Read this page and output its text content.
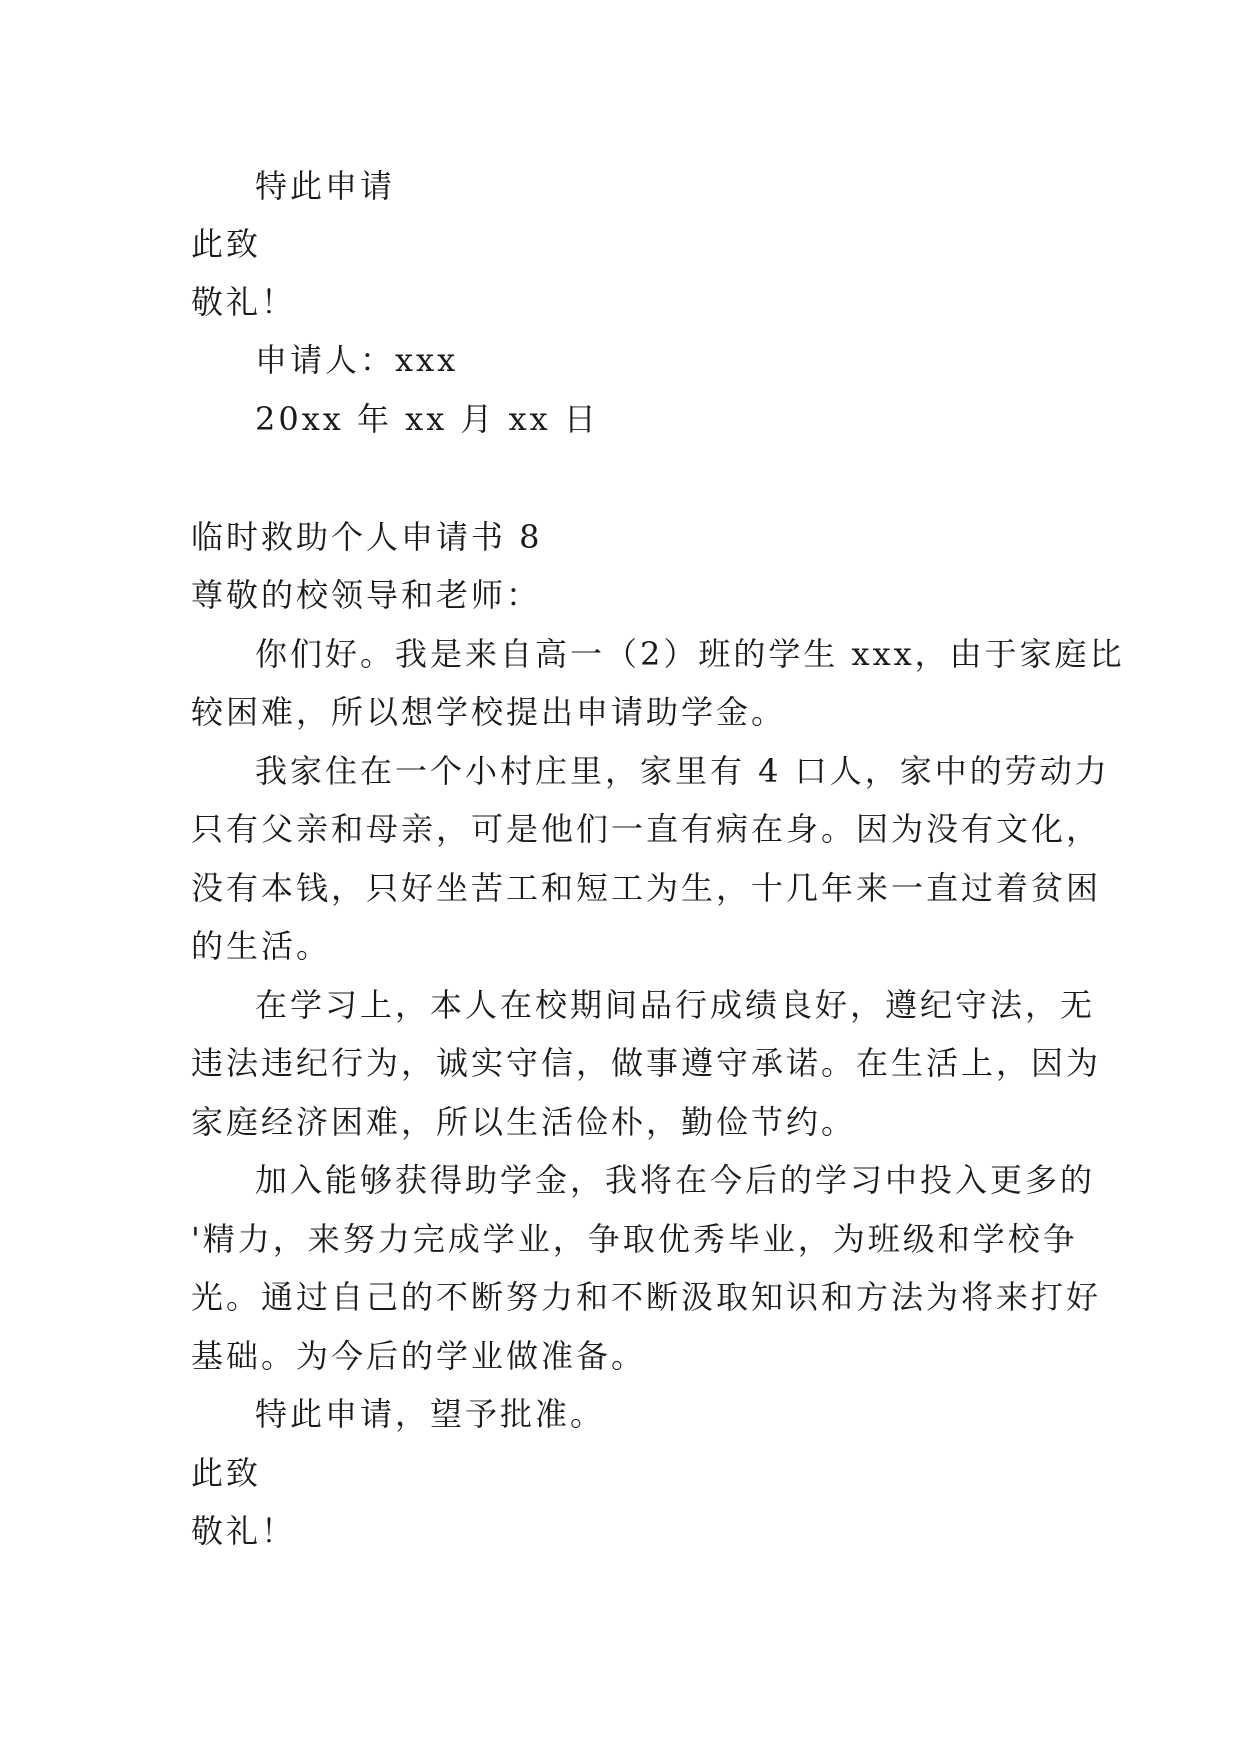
特此申请
此致
敬礼！
申请人：xxx
20xx 年 xx 月 xx 日
临时救助个人申请书 8
尊敬的校领导和老师：
你们好。我是来自高一（2）班的学生 xxx，由于家庭比
较困难，所以想学校提出申请助学金。
我家住在一个小村庄里，家里有 4 口人，家中的劳动力
只有父亲和母亲，可是他们一直有病在身。因为没有文化，
没有本钱，只好坐苦工和短工为生，十几年来一直过着贫困
的生活。
在学习上，本人在校期间品行成绩良好，遵纪守法，无
违法违纪行为，诚实守信，做事遵守承诺。在生活上，因为
家庭经济困难，所以生活俭朴，勤俭节约。
加入能够获得助学金，我将在今后的学习中投入更多的
'精力，来努力完成学业，争取优秀毕业，为班级和学校争
光。通过自己的不断努力和不断汲取知识和方法为将来打好
基础。为今后的学业做准备。
特此申请，望予批准。
此致
敬礼！
